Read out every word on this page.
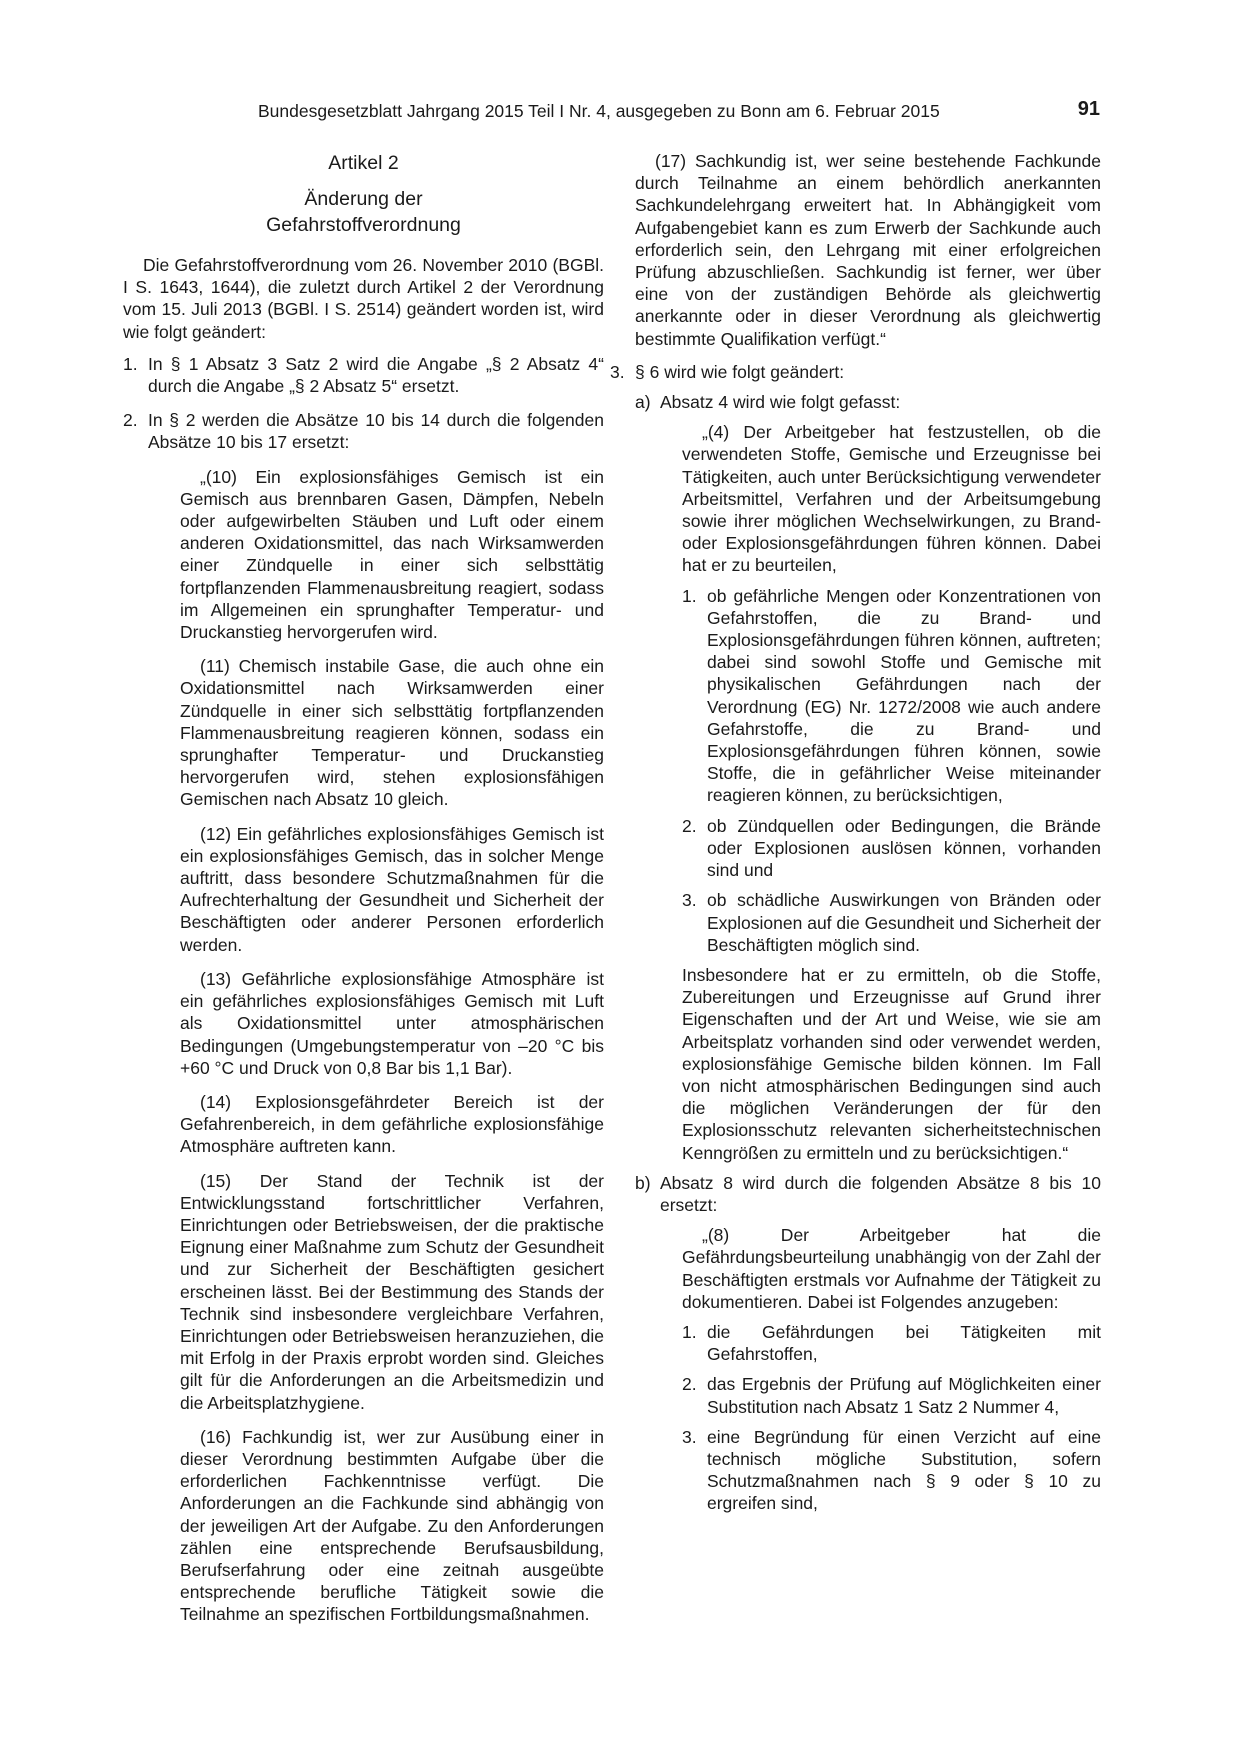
Bundesgesetzblatt Jahrgang 2015 Teil I Nr. 4, ausgegeben zu Bonn am 6. Februar 2015	91

Artikel 2

Änderung der
Gefahrstoffverordnung

Die Gefahrstoffverordnung vom 26. November 2010 (BGBl. I S. 1643, 1644), die zuletzt durch Artikel 2 der Verordnung vom 15. Juli 2013 (BGBl. I S. 2514) geändert worden ist, wird wie folgt geändert:

1. In § 1 Absatz 3 Satz 2 wird die Angabe „§ 2 Absatz 4“ durch die Angabe „§ 2 Absatz 5“ ersetzt.
2. In § 2 werden die Absätze 10 bis 14 durch die folgenden Absätze 10 bis 17 ersetzt:

„(10) Ein explosionsfähiges Gemisch ist ein Gemisch aus brennbaren Gasen, Dämpfen, Nebeln oder aufgewirbelten Stäuben und Luft oder einem anderen Oxidationsmittel, das nach Wirksamwerden einer Zündquelle in einer sich selbsttätig fortpflanzenden Flammenausbreitung reagiert, sodass im Allgemeinen ein sprunghafter Temperatur- und Druckanstieg hervorgerufen wird.

(11) Chemisch instabile Gase, die auch ohne ein Oxidationsmittel nach Wirksamwerden einer Zündquelle in einer sich selbsttätig fortpflanzenden Flammenausbreitung reagieren können, sodass ein sprunghafter Temperatur- und Druckanstieg hervorgerufen wird, stehen explosionsfähigen Gemischen nach Absatz 10 gleich.

(12) Ein gefährliches explosionsfähiges Gemisch ist ein explosionsfähiges Gemisch, das in solcher Menge auftritt, dass besondere Schutzmaßnahmen für die Aufrechterhaltung der Gesundheit und Sicherheit der Beschäftigten oder anderer Personen erforderlich werden.

(13) Gefährliche explosionsfähige Atmosphäre ist ein gefährliches explosionsfähiges Gemisch mit Luft als Oxidationsmittel unter atmosphärischen Bedingungen (Umgebungstemperatur von –20 °C bis +60 °C und Druck von 0,8 Bar bis 1,1 Bar).

(14) Explosionsgefährdeter Bereich ist der Gefahrenbereich, in dem gefährliche explosionsfähige Atmosphäre auftreten kann.

(15) Der Stand der Technik ist der Entwicklungsstand fortschrittlicher Verfahren, Einrichtungen oder Betriebsweisen, der die praktische Eignung einer Maßnahme zum Schutz der Gesundheit und zur Sicherheit der Beschäftigten gesichert erscheinen lässt. Bei der Bestimmung des Stands der Technik sind insbesondere vergleichbare Verfahren, Einrichtungen oder Betriebsweisen heranzuziehen, die mit Erfolg in der Praxis erprobt worden sind. Gleiches gilt für die Anforderungen an die Arbeitsmedizin und die Arbeitsplatzhygiene.

(16) Fachkundig ist, wer zur Ausübung einer in dieser Verordnung bestimmten Aufgabe über die erforderlichen Fachkenntnisse verfügt. Die Anforderungen an die Fachkunde sind abhängig von der jeweiligen Art der Aufgabe. Zu den Anforderungen zählen eine entsprechende Berufsausbildung, Berufserfahrung oder eine zeitnah ausgeübte entsprechende berufliche Tätigkeit sowie die Teilnahme an spezifischen Fortbildungsmaßnahmen.

(17) Sachkundig ist, wer seine bestehende Fachkunde durch Teilnahme an einem behördlich anerkannten Sachkundelehrgang erweitert hat. In Abhängigkeit vom Aufgabengebiet kann es zum Erwerb der Sachkunde auch erforderlich sein, den Lehrgang mit einer erfolgreichen Prüfung abzuschließen. Sachkundig ist ferner, wer über eine von der zuständigen Behörde als gleichwertig anerkannte oder in dieser Verordnung als gleichwertig bestimmte Qualifikation verfügt.“

3. § 6 wird wie folgt geändert:
a) Absatz 4 wird wie folgt gefasst:

„(4) Der Arbeitgeber hat festzustellen, ob die verwendeten Stoffe, Gemische und Erzeugnisse bei Tätigkeiten, auch unter Berücksichtigung verwendeter Arbeitsmittel, Verfahren und der Arbeitsumgebung sowie ihrer möglichen Wechselwirkungen, zu Brand- oder Explosionsgefährdungen führen können. Dabei hat er zu beurteilen,

1. ob gefährliche Mengen oder Konzentrationen von Gefahrstoffen, die zu Brand- und Explosionsgefährdungen führen können, auftreten; dabei sind sowohl Stoffe und Gemische mit physikalischen Gefährdungen nach der Verordnung (EG) Nr. 1272/2008 wie auch andere Gefahrstoffe, die zu Brand- und Explosionsgefährdungen führen können, sowie Stoffe, die in gefährlicher Weise miteinander reagieren können, zu berücksichtigen,
2. ob Zündquellen oder Bedingungen, die Brände oder Explosionen auslösen können, vorhanden sind und
3. ob schädliche Auswirkungen von Bränden oder Explosionen auf die Gesundheit und Sicherheit der Beschäftigten möglich sind.

Insbesondere hat er zu ermitteln, ob die Stoffe, Zubereitungen und Erzeugnisse auf Grund ihrer Eigenschaften und der Art und Weise, wie sie am Arbeitsplatz vorhanden sind oder verwendet werden, explosionsfähige Gemische bilden können. Im Fall von nicht atmosphärischen Bedingungen sind auch die möglichen Veränderungen der für den Explosionsschutz relevanten sicherheitstechnischen Kenngrößen zu ermitteln und zu berücksichtigen.“

b) Absatz 8 wird durch die folgenden Absätze 8 bis 10 ersetzt:

„(8) Der Arbeitgeber hat die Gefährdungsbeurteilung unabhängig von der Zahl der Beschäftigten erstmals vor Aufnahme der Tätigkeit zu dokumentieren. Dabei ist Folgendes anzugeben:

1. die Gefährdungen bei Tätigkeiten mit Gefahrstoffen,
2. das Ergebnis der Prüfung auf Möglichkeiten einer Substitution nach Absatz 1 Satz 2 Nummer 4,
3. eine Begründung für einen Verzicht auf eine technisch mögliche Substitution, sofern Schutzmaßnahmen nach § 9 oder § 10 zu ergreifen sind,
